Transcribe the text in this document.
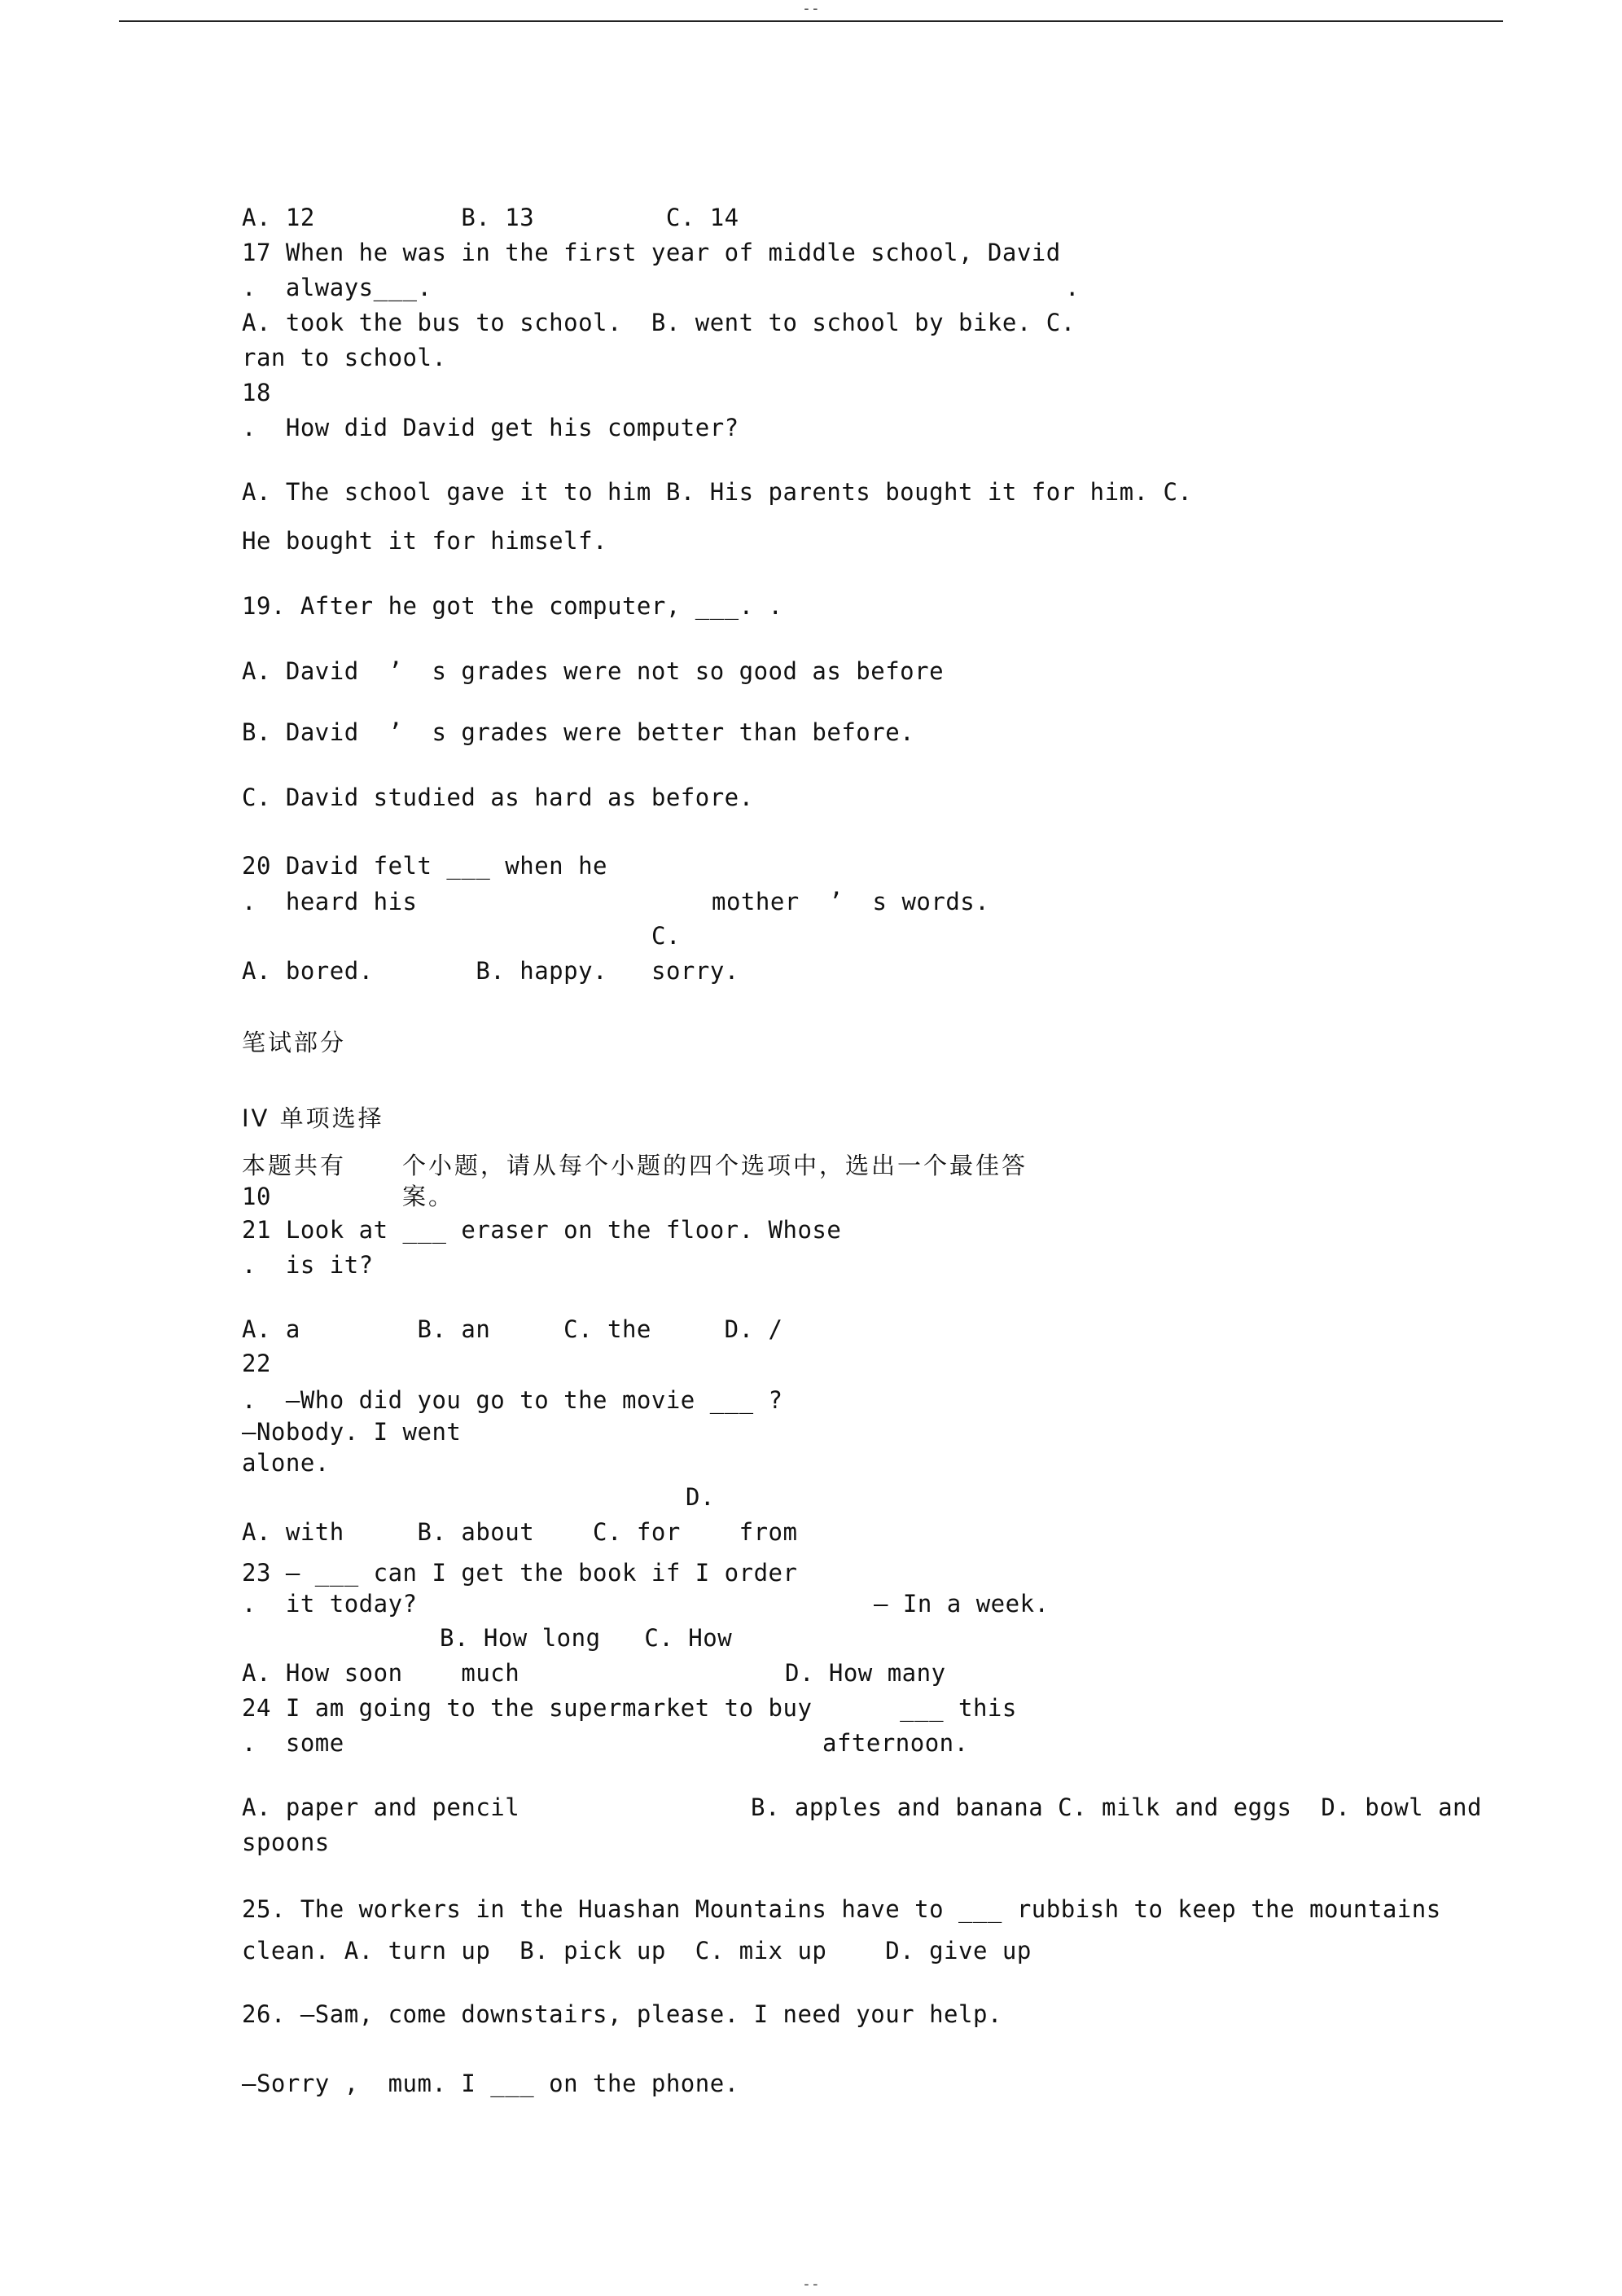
--
A. 12          B. 13         C. 14
17 When he was in the first year of middle school, David
.  always___.	.
A. took the bus to school.  B. went to school by bike. C.
ran to school.
18
.  How did David get his computer?
A. The school gave it to him B. His parents bought it for him. C.
He bought it for himself.
19. After he got the computer, ___. .
A. David  ’  s grades were not so good as before
B. David  ’  s grades were better than before.
C. David studied as hard as before.
20 David felt ___ when he
.  heard his	mother  ’  s words.
C.
A. bored.       B. happy. sorry.
笔试部分
IV 单项选择
本题共有 个小题，请从每个小题的四个选项中，选出一个最佳答
10	案。
21 Look at ___ eraser on the floor. Whose
.  is it?
A. a        B. an     C. the     D. /
22
.  —Who did you go to the movie ___ ?
—Nobody. I went
alone.
D.
A. with     B. about    C. for    from
23 — ___ can I get the book if I order
.  it today?	— In a week.
B. How long   C. How
A. How soon    much	D. How many
24 I am going to the supermarket to buy      ___ this
.  some	afternoon.
A. paper and pencil	B. apples and banana C. milk and eggs  D. bowl and
spoons
25. The workers in the Huashan Mountains have to ___ rubbish to keep the mountains
clean. A. turn up  B. pick up  C. mix up    D. give up
26. —Sam, come downstairs, please. I need your help.
—Sorry ,  mum. I ___ on the phone.
--
